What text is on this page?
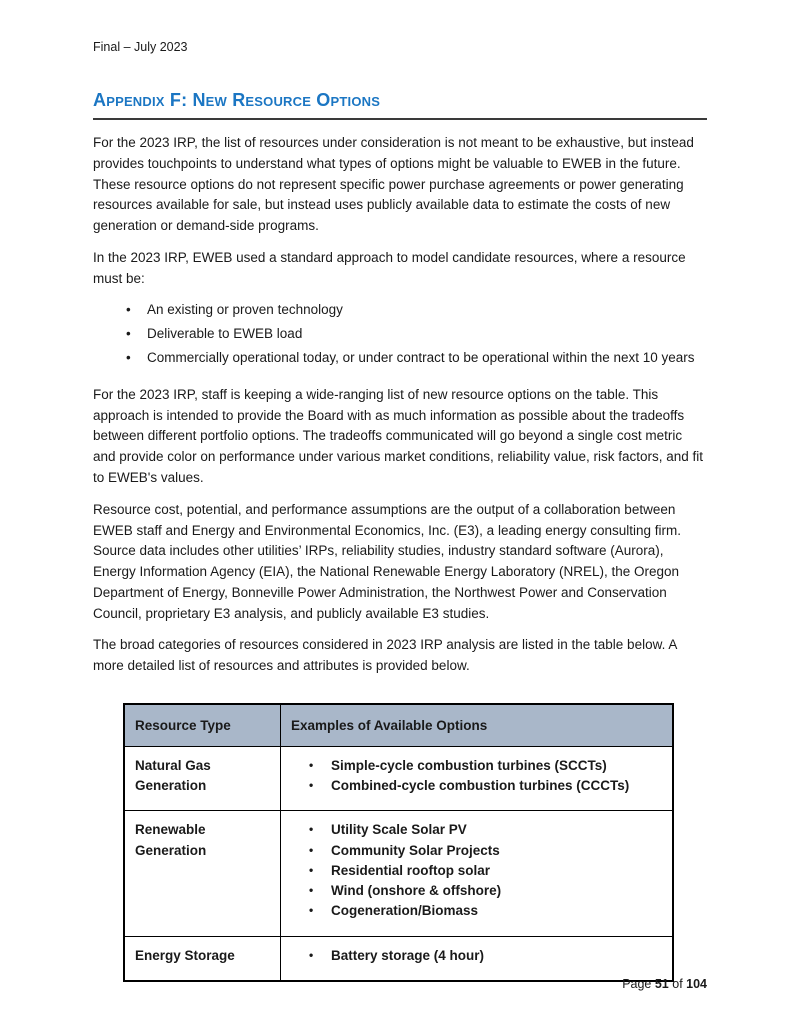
Final – July 2023
Appendix F: New Resource Options

For the 2023 IRP, the list of resources under consideration is not meant to be exhaustive, but instead provides touchpoints to understand what types of options might be valuable to EWEB in the future. These resource options do not represent specific power purchase agreements or power generating resources available for sale, but instead uses publicly available data to estimate the costs of new generation or demand-side programs.

In the 2023 IRP, EWEB used a standard approach to model candidate resources, where a resource must be:

• An existing or proven technology
• Deliverable to EWEB load
• Commercially operational today, or under contract to be operational within the next 10 years

For the 2023 IRP, staff is keeping a wide-ranging list of new resource options on the table. This approach is intended to provide the Board with as much information as possible about the tradeoffs between different portfolio options. The tradeoffs communicated will go beyond a single cost metric and provide color on performance under various market conditions, reliability value, risk factors, and fit to EWEB's values.

Resource cost, potential, and performance assumptions are the output of a collaboration between EWEB staff and Energy and Environmental Economics, Inc. (E3), a leading energy consulting firm. Source data includes other utilities’ IRPs, reliability studies, industry standard software (Aurora), Energy Information Agency (EIA), the National Renewable Energy Laboratory (NREL), the Oregon Department of Energy, Bonneville Power Administration, the Northwest Power and Conservation Council, proprietary E3 analysis, and publicly available E3 studies.

The broad categories of resources considered in 2023 IRP analysis are listed in the table below. A more detailed list of resources and attributes is provided below.

Resource Type	Examples of Available Options
Natural Gas Generation	
• Simple-cycle combustion turbines (SCCTs)
• Combined-cycle combustion turbines (CCCTs)

Renewable Generation	
• Utility Scale Solar PV
• Community Solar Projects
• Residential rooftop solar
• Wind (onshore & offshore)
• Cogeneration/Biomass

Energy Storage	
•Battery storage (4 hour)
Page 51 of 104
